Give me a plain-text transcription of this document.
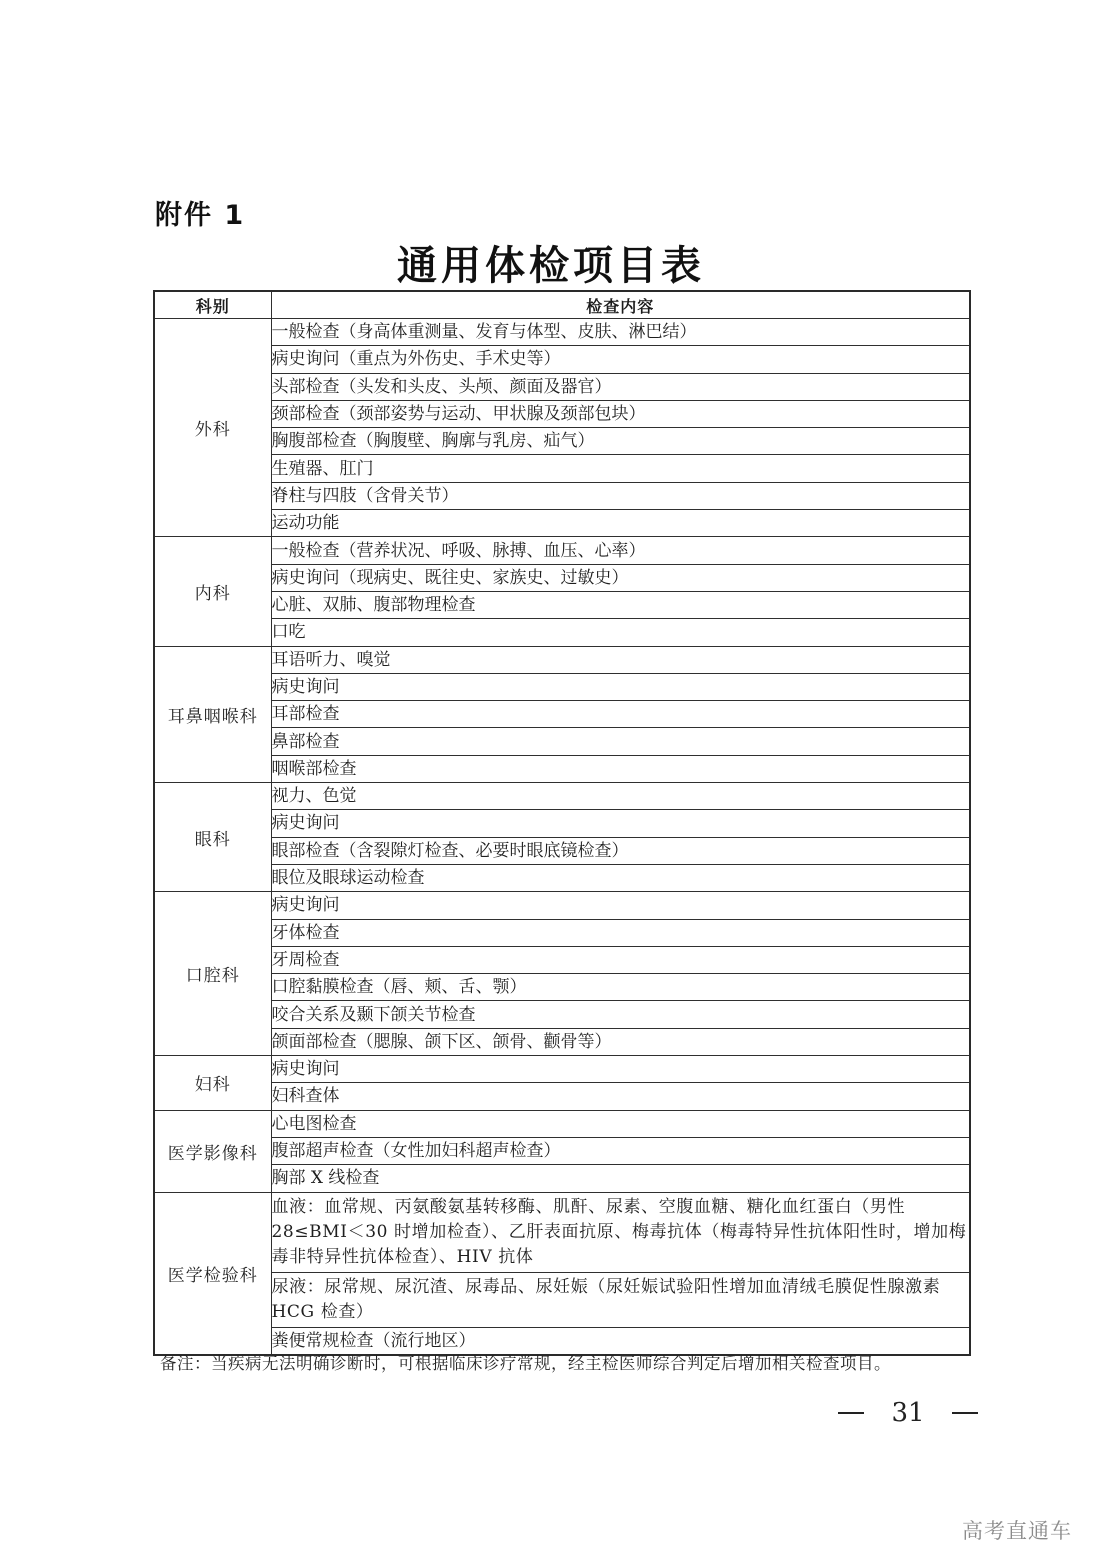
附件 1
通用体检项目表
科别	检查内容
外科	一般检查（身高体重测量、发育与体型、皮肤、淋巴结）
	病史询问（重点为外伤史、手术史等）
	头部检查（头发和头皮、头颅、颜面及器官）
	颈部检查（颈部姿势与运动、甲状腺及颈部包块）
	胸腹部检查（胸腹壁、胸廓与乳房、疝气）
	生殖器、肛门
	脊柱与四肢（含骨关节）
	运动功能
内科	一般检查（营养状况、呼吸、脉搏、血压、心率）
	病史询问（现病史、既往史、家族史、过敏史）
	心脏、双肺、腹部物理检查
	口吃
耳鼻咽喉科	耳语听力、嗅觉
	病史询问
	耳部检查
	鼻部检查
	咽喉部检查
眼科	视力、色觉
	病史询问
	眼部检查（含裂隙灯检查、必要时眼底镜检查）
	眼位及眼球运动检查
口腔科	病史询问
	牙体检查
	牙周检查
	口腔黏膜检查（唇、颊、舌、颚）
	咬合关系及颞下颌关节检查
	颌面部检查（腮腺、颌下区、颌骨、颧骨等）
妇科	病史询问
	妇科查体
医学影像科	心电图检查
	腹部超声检查（女性加妇科超声检查）
	胸部 X 线检查
医学检验科	血液：血常规、丙氨酸氨基转移酶、肌酐、尿素、空腹血糖、糖化血红蛋白（男性 28≤BMI＜30 时增加检查）、乙肝表面抗原、梅毒抗体（梅毒特异性抗体阳性时，增加梅毒非特异性抗体检查）、HIV 抗体
	尿液：尿常规、尿沉渣、尿毒品、尿妊娠（尿妊娠试验阳性增加血清绒毛膜促性腺激素 HCG 检查）
	粪便常规检查（流行地区）
备注：当疾病无法明确诊断时，可根据临床诊疗常规，经主检医师综合判定后增加相关检查项目。
31
高考直通车
